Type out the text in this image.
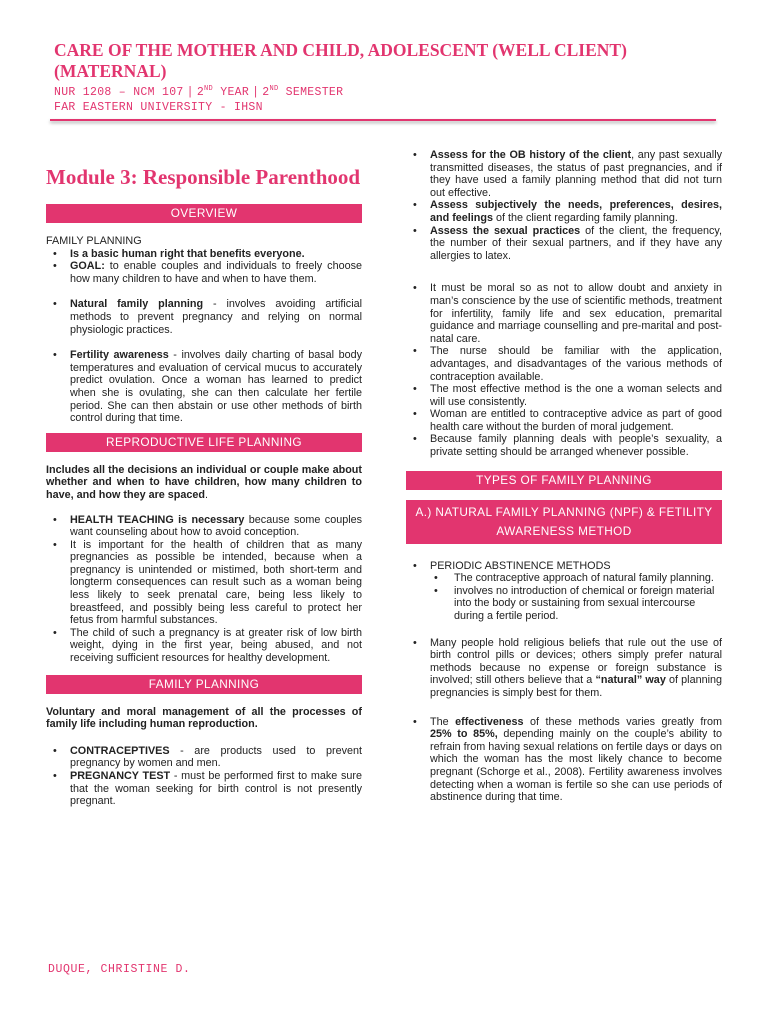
CARE OF THE MOTHER AND CHILD, ADOLESCENT (WELL CLIENT) (MATERNAL)
NUR 1208 – NCM 107 | 2ND YEAR | 2ND SEMESTER
FAR EASTERN UNIVERSITY - IHSN
Module 3: Responsible Parenthood
OVERVIEW

FAMILY PLANNING

• Is a basic human right that benefits everyone.
• GOAL: to enable couples and individuals to freely choose how many children to have and when to have them.
• Natural family planning - involves avoiding artificial methods to prevent pregnancy and relying on normal physiologic practices.
• Fertility awareness - involves daily charting of basal body temperatures and evaluation of cervical mucus to accurately predict ovulation. Once a woman has learned to predict when she is ovulating, she can then calculate her fertile period. She can then abstain or use other methods of birth control during that time.
REPRODUCTIVE LIFE PLANNING

Includes all the decisions an individual or couple make about whether and when to have children, how many children to have, and how they are spaced.

• HEALTH TEACHING is necessary because some couples want counseling about how to avoid conception.
• It is important for the health of children that as many pregnancies as possible be intended, because when a pregnancy is unintended or mistimed, both short-term and longterm consequences can result such as a woman being less likely to seek prenatal care, being less likely to breastfeed, and possibly being less careful to protect her fetus from harmful substances.
• The child of such a pregnancy is at greater risk of low birth weight, dying in the first year, being abused, and not receiving sufficient resources for healthy development.
FAMILY PLANNING

Voluntary and moral management of all the processes of family life including human reproduction.

• CONTRACEPTIVES - are products used to prevent pregnancy by women and men.
• PREGNANCY TEST - must be performed first to make sure that the woman seeking for birth control is not presently pregnant.
• Assess for the OB history of the client, any past sexually transmitted diseases, the status of past pregnancies, and if they have used a family planning method that did not turn out effective.
• Assess subjectively the needs, preferences, desires, and feelings of the client regarding family planning.
• Assess the sexual practices of the client, the frequency, the number of their sexual partners, and if they have any allergies to latex.
• It must be moral so as not to allow doubt and anxiety in man’s conscience by the use of scientific methods, treatment for infertility, family life and sex education, premarital guidance and marriage counselling and pre-marital and post-natal care.
• The nurse should be familiar with the application, advantages, and disadvantages of the various methods of contraception available.
• The most effective method is the one a woman selects and will use consistently.
• Woman are entitled to contraceptive advice as part of good health care without the burden of moral judgement.
• Because family planning deals with people’s sexuality, a private setting should be arranged whenever possible.
TYPES OF FAMILY PLANNING
A.) NATURAL FAMILY PLANNING (NPF) & FETILITY AWARENESS METHOD
• PERIODIC ABSTINENCE METHODS
• The contraceptive approach of natural family planning.
• involves no introduction of chemical or foreign material into the body or sustaining from sexual intercourse during a fertile period.
• Many people hold religious beliefs that rule out the use of birth control pills or devices; others simply prefer natural methods because no expense or foreign substance is involved; still others believe that a “natural” way of planning pregnancies is simply best for them.
• The effectiveness of these methods varies greatly from 25% to 85%, depending mainly on the couple’s ability to refrain from having sexual relations on fertile days or days on which the woman has the most likely chance to become pregnant (Schorge et al., 2008). Fertility awareness involves detecting when a woman is fertile so she can use periods of abstinence during that time.
DUQUE, CHRISTINE D.
